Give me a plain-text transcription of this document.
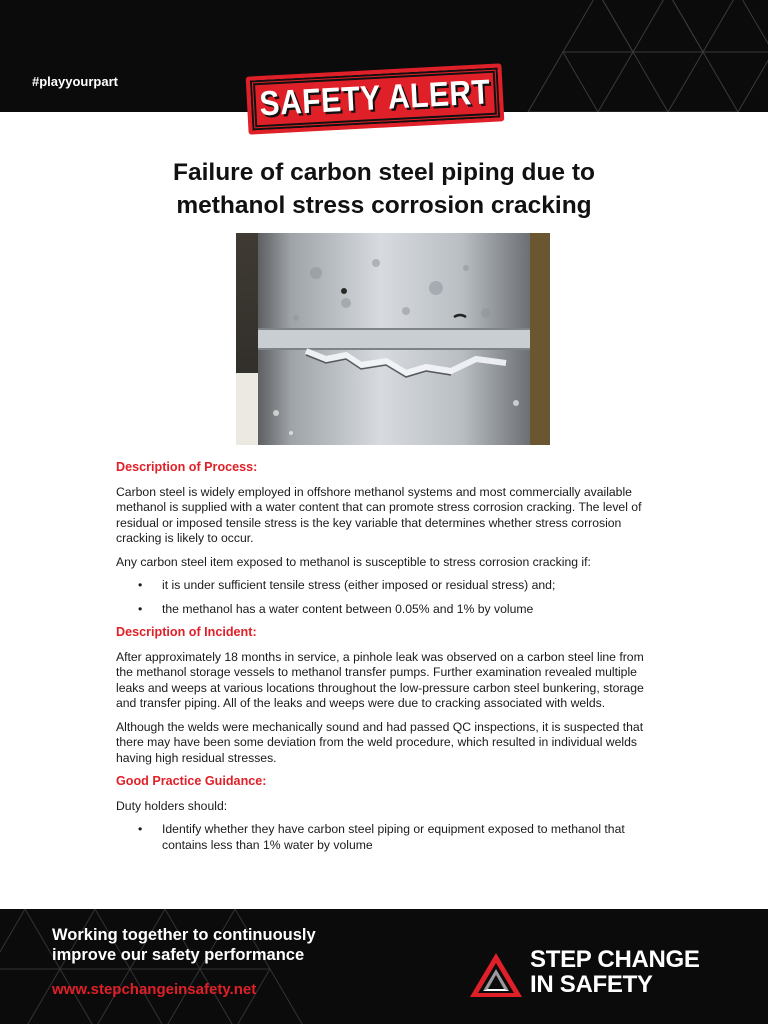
#playyourpart	SAFETY ALERT
Failure of carbon steel piping due to
methanol stress corrosion cracking
Description of Process:

Carbon steel is widely employed in offshore methanol systems and most commercially available methanol is supplied with a water content that can promote stress corrosion cracking. The level of residual or imposed tensile stress is the key variable that determines whether stress corrosion cracking is likely to occur.

Any carbon steel item exposed to methanol is susceptible to stress corrosion cracking if:

• it is under sufficient tensile stress (either imposed or residual stress) and;
• the methanol has a water content between 0.05% and 1% by volume
Description of Incident:

After approximately 18 months in service, a pinhole leak was observed on a carbon steel line from the methanol storage vessels to methanol transfer pumps. Further examination revealed multiple leaks and weeps at various locations throughout the low-pressure carbon steel bunkering, storage and transfer piping. All of the leaks and weeps were due to cracking associated with welds.

Although the welds were mechanically sound and had passed QC inspections, it is suspected that there may have been some deviation from the weld procedure, which resulted in individual welds having high residual stresses.

Good Practice Guidance:

Duty holders should:

• Identify whether they have carbon steel piping or equipment exposed to methanol that contains less than 1% water by volume
Working together to continuously
improve our safety performance
www.stepchangeinsafety.net
STEP CHANGE
IN SAFETY
